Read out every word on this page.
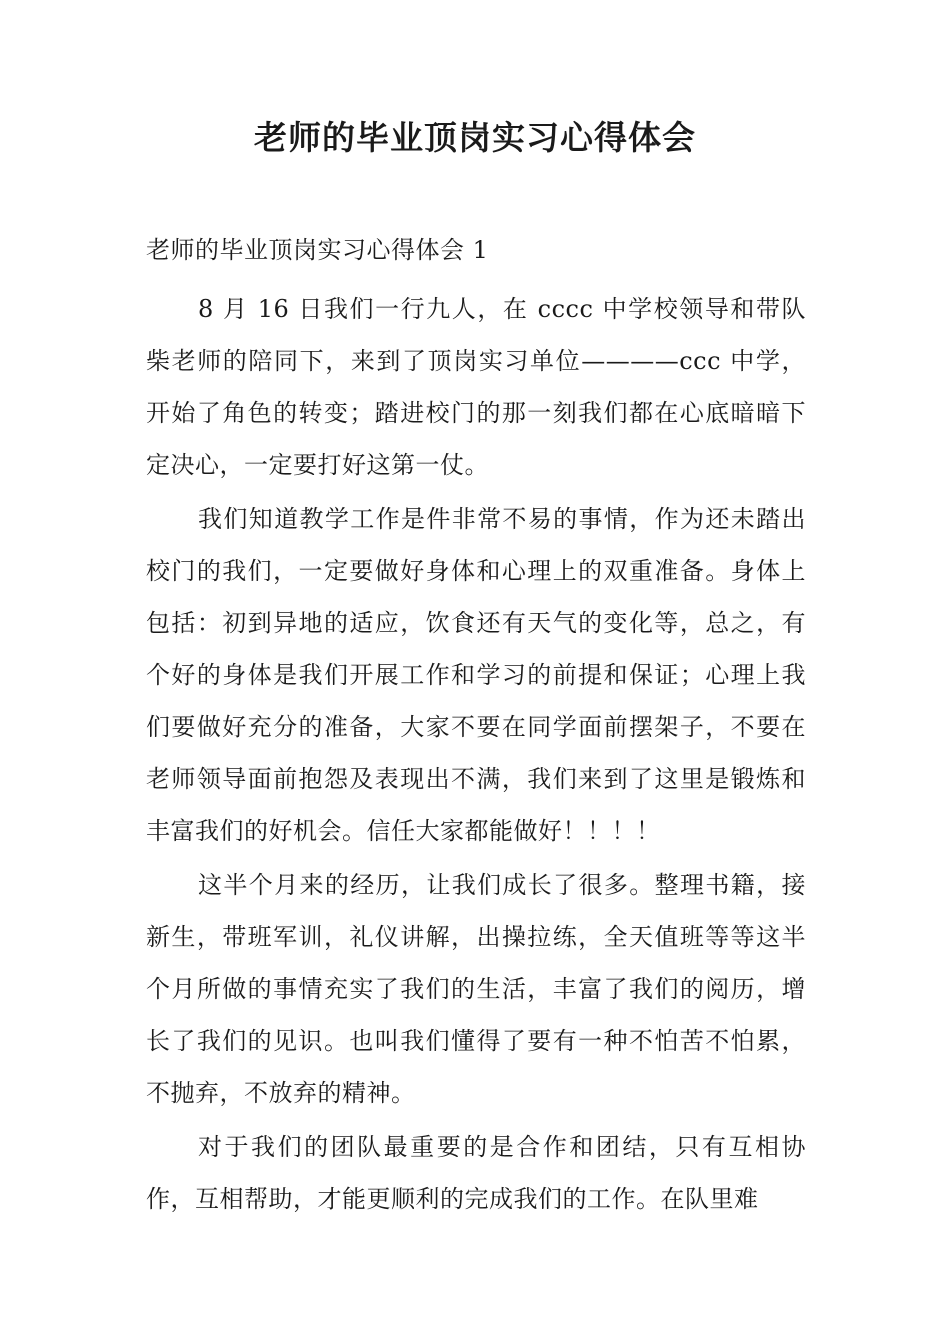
老师的毕业顶岗实习心得体会

老师的毕业顶岗实习心得体会 1

8 月 16 日我们一行九人，在 cccc 中学校领导和带队柴老师的陪同下，来到了顶岗实习单位————ccc 中学，开始了角色的转变；踏进校门的那一刻我们都在心底暗暗下定决心，一定要打好这第一仗。

我们知道教学工作是件非常不易的事情，作为还未踏出校门的我们，一定要做好身体和心理上的双重准备。身体上包括：初到异地的适应，饮食还有天气的变化等，总之，有个好的身体是我们开展工作和学习的前提和保证；心理上我们要做好充分的准备，大家不要在同学面前摆架子，不要在老师领导面前抱怨及表现出不满，我们来到了这里是锻炼和丰富我们的好机会。信任大家都能做好！！！！

这半个月来的经历，让我们成长了很多。整理书籍，接新生，带班军训，礼仪讲解，出操拉练，全天值班等等这半个月所做的事情充实了我们的生活，丰富了我们的阅历，增长了我们的见识。也叫我们懂得了要有一种不怕苦不怕累，不抛弃，不放弃的精神。

对于我们的团队最重要的是合作和团结，只有互相协作，互相帮助，才能更顺利的完成我们的工作。在队里难
